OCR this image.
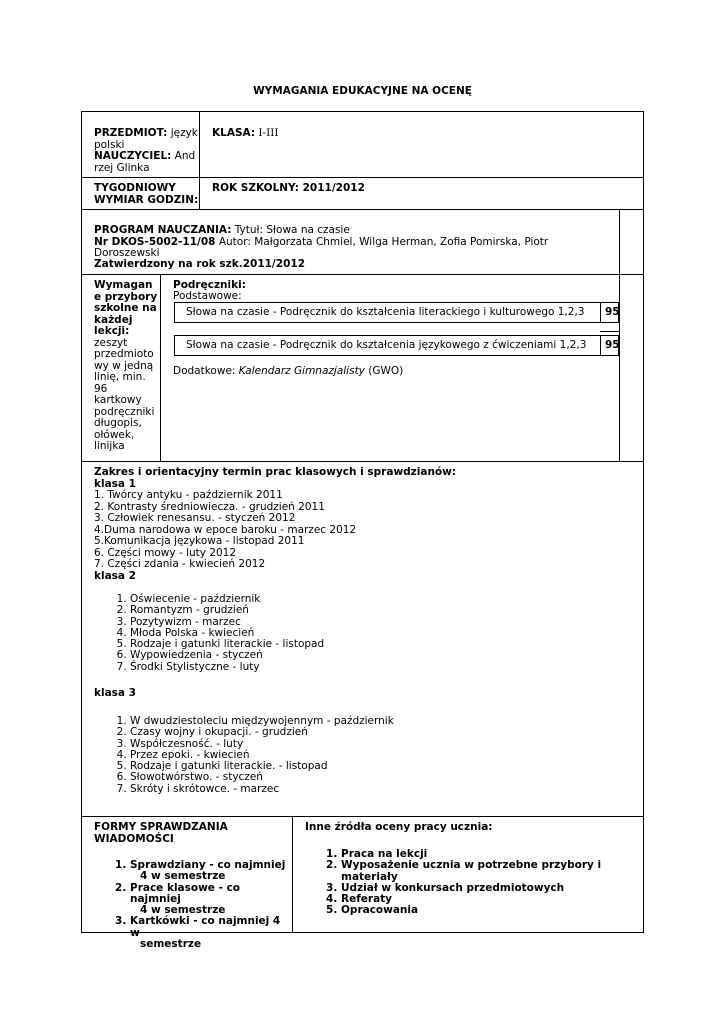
WYMAGANIA EDUKACYJNE NA OCENĘ
PRZEDMIOT: język
polski
NAUCZYCIEL: And
rzej Glinka
KLASA: I-III
TYGODNIOWY
WYMIAR GODZIN:
ROK SZKOLNY: 2011/2012
PROGRAM NAUCZANIA: Tytuł: Słowa na czasie
Nr DKOS-5002-11/08 Autor: Małgorzata Chmiel, Wilga Herman, Zofia Pomirska, Piotr Doroszewski
Zatwierdzony na rok szk.2011/2012
Wymagan
e przybory
szkolne na
każdej
lekcji:
zeszyt
przedmioto
wy w jedną
linię, min.
96
kartkowy
podręczniki
długopis,
ołówek,
linijka
Podręczniki:
Podstawowe:
Słowa na czasie - Podręcznik do kształcenia literackiego i kulturowego 1,2,3 95
Słowa na czasie - Podręcznik do kształcenia językowego z ćwiczeniami 1,2,3 95
Dodatkowe: Kalendarz Gimnazjalisty (GWO)
Zakres i orientacyjny termin prac klasowych i sprawdzianów:
klasa 1
1. Twórcy antyku - październik 2011
2. Kontrasty średniowiecza. - grudzień 2011
3. Człowiek renesansu. - styczeń 2012
4.Duma narodowa w epoce baroku - marzec 2012
5.Komunikacja językowa - listopad 2011
6. Części mowy - luty 2012
7. Części zdania - kwiecień 2012
klasa 2
1. Oświecenie - październik
2. Romantyzm - grudzień
3. Pozytywizm - marzec
4. Młoda Polska - kwiecień
5. Rodzaje i gatunki literackie - listopad
6. Wypowiedzenia - styczeń
7. Środki Stylistyczne - luty
klasa 3
1. W dwudziestoleciu międzywojennym - październik
2. Czasy wojny i okupacji. - grudzień
3. Współczesność. - luty
4. Przez epoki. - kwiecień
5. Rodzaje i gatunki literackie. - listopad
6. Słowotwórstwo. - styczeń
7. Skróty i skrótowce. - marzec
FORMY SPRAWDZANIA
WIADOMOŚCI
1. Sprawdziany - co najmniej
4 w semestrze
2. Prace klasowe - co najmniej
4 w semestrze
3. Kartkówki - co najmniej 4 w
semestrze
Inne źródła oceny pracy ucznia:
1. Praca na lekcji
2. Wyposażenie ucznia w potrzebne przybory i materiały
3. Udział w konkursach przedmiotowych
4. Referaty
5. Opracowania
